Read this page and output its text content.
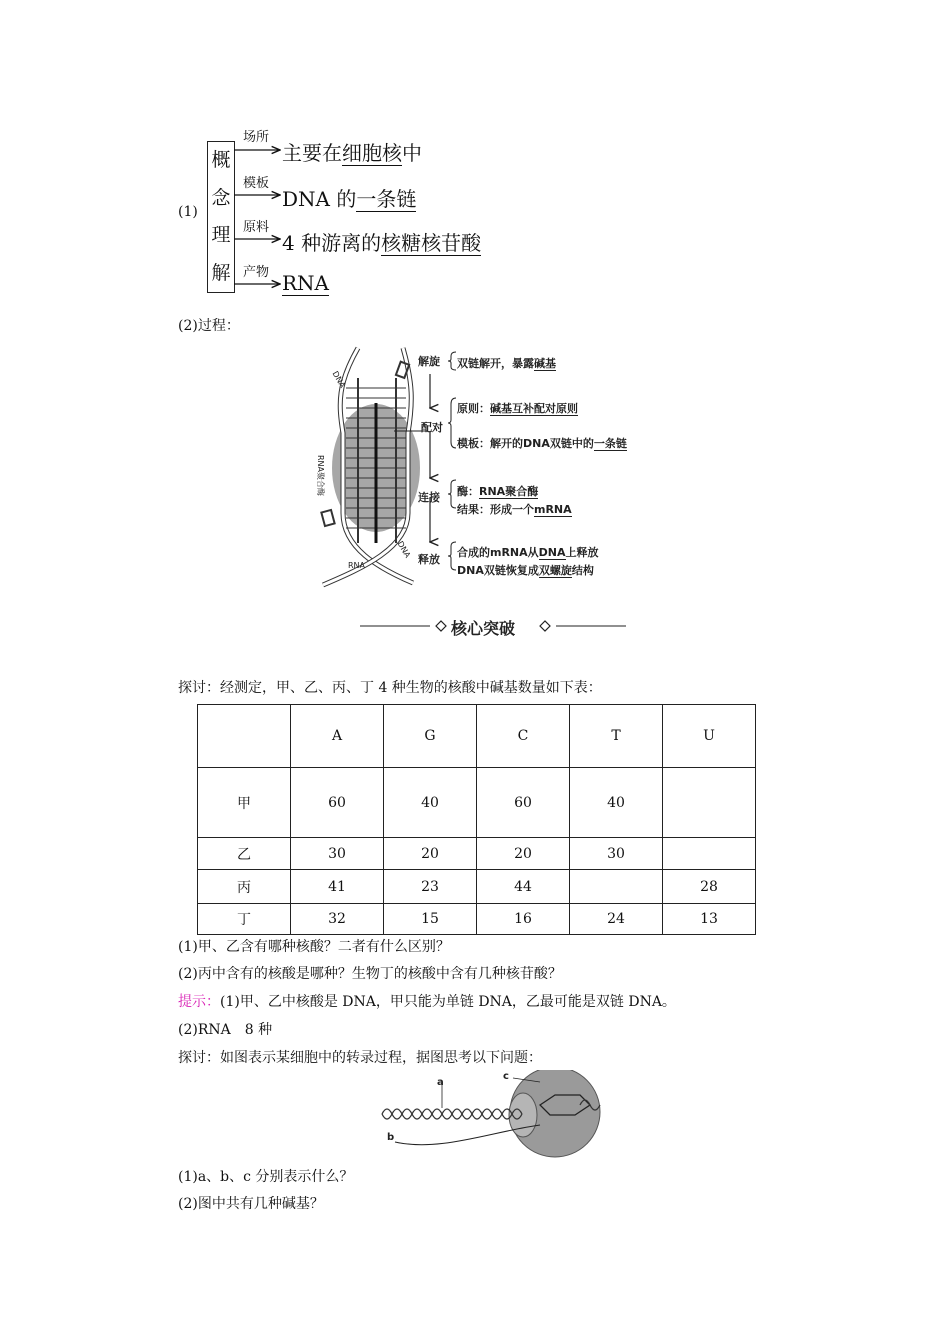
(1)
概
念
理
解
场所
模板
原料
产物
主要在细胞核中
DNA 的一条链
4 种游离的核糖核苷酸
RNA
(2)过程：
RNA
DNA
DNA
RNA聚合酶
解旋
配对
连接
释放
双链解开，暴露碱基
原则：碱基互补配对原则
模板：解开的DNA双链中的一条链
酶：RNA聚合酶
结果：形成一个mRNA
合成的mRNA从DNA上释放
DNA双链恢复成双螺旋结构
核心突破
探讨：经测定，甲、乙、丙、丁 4 种生物的核酸中碱基数量如下表：
	A	G	C	T	U
甲	60	40	60	40	
乙	30	20	20	30	
丙	41	23	44		28
丁	32	15	16	24	13
(1)甲、乙含有哪种核酸？二者有什么区别？
(2)丙中含有的核酸是哪种？生物丁的核酸中含有几种核苷酸？
提示：(1)甲、乙中核酸是 DNA，甲只能为单链 DNA，乙最可能是双链 DNA。
(2)RNA　8 种
探讨：如图表示某细胞中的转录过程，据图思考以下问题：
a
b
c
(1)a、b、c 分别表示什么？
(2)图中共有几种碱基？
